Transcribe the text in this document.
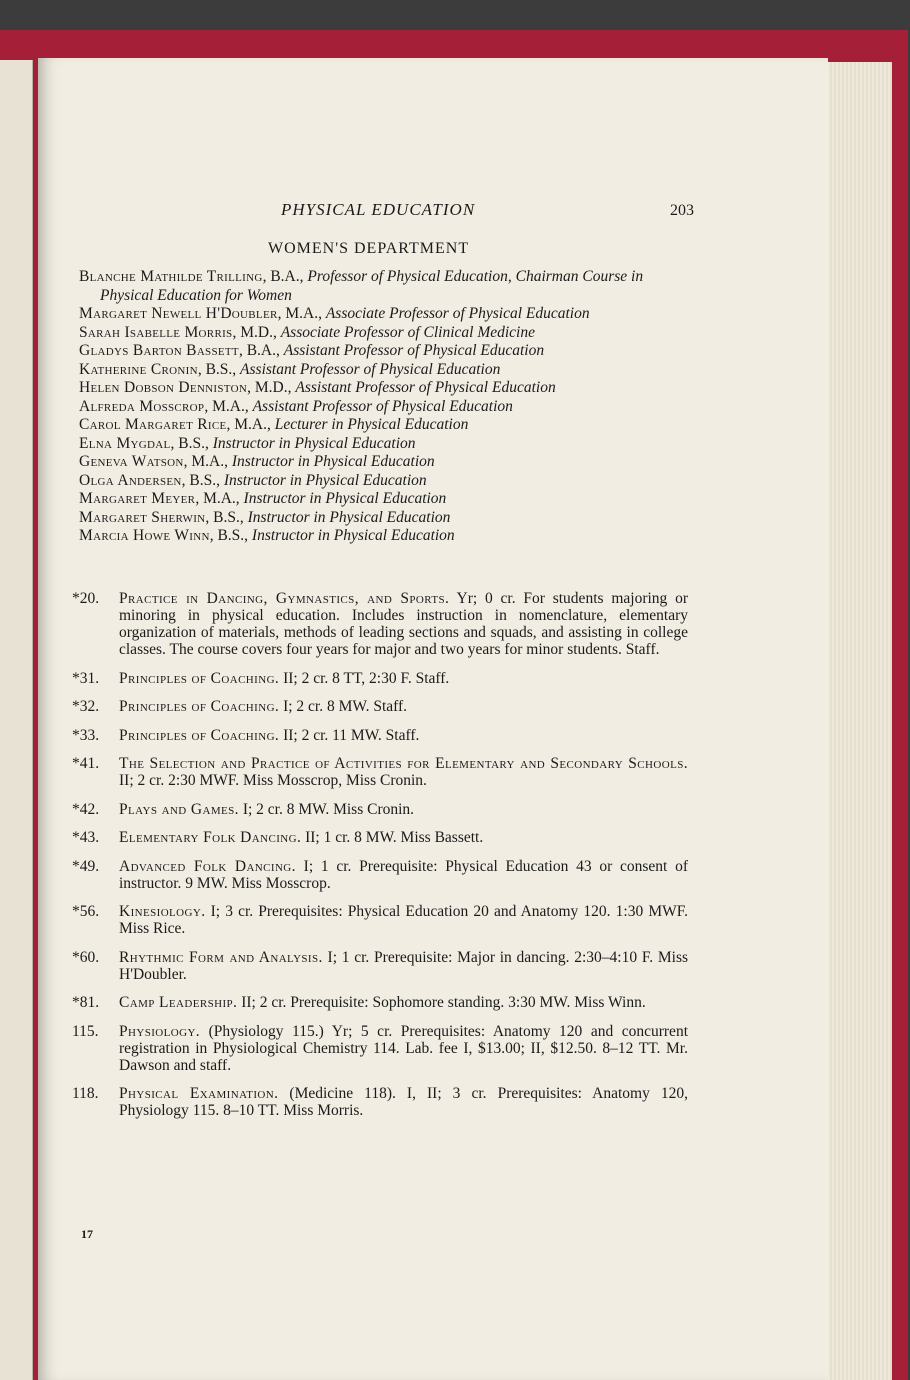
PHYSICAL EDUCATION	203
WOMEN'S DEPARTMENT

Blanche Mathilde Trilling, B.A., Professor of Physical Education, Chairman Course in Physical Education for Women

Margaret Newell H'Doubler, M.A., Associate Professor of Physical Education

Sarah Isabelle Morris, M.D., Associate Professor of Clinical Medicine

Gladys Barton Bassett, B.A., Assistant Professor of Physical Education

Katherine Cronin, B.S., Assistant Professor of Physical Education

Helen Dobson Denniston, M.D., Assistant Professor of Physical Education

Alfreda Mosscrop, M.A., Assistant Professor of Physical Education

Carol Margaret Rice, M.A., Lecturer in Physical Education

Elna Mygdal, B.S., Instructor in Physical Education

Geneva Watson, M.A., Instructor in Physical Education

Olga Andersen, B.S., Instructor in Physical Education

Margaret Meyer, M.A., Instructor in Physical Education

Margaret Sherwin, B.S., Instructor in Physical Education

Marcia Howe Winn, B.S., Instructor in Physical Education

*20.	Practice in Dancing, Gymnastics, and Sports. Yr; 0 cr. For students majoring or minoring in physical education. Includes instruction in nomenclature, elementary organization of materials, methods of leading sections and squads, and assisting in college classes. The course covers four years for major and two years for minor students. Staff.
*31.	Principles of Coaching. II; 2 cr. 8 TT, 2:30 F. Staff.
*32.	Principles of Coaching. I; 2 cr. 8 MW. Staff.
*33.	Principles of Coaching. II; 2 cr. 11 MW. Staff.
*41.	The Selection and Practice of Activities for Elementary and Secondary Schools. II; 2 cr. 2:30 MWF. Miss Mosscrop, Miss Cronin.
*42.	Plays and Games. I; 2 cr. 8 MW. Miss Cronin.
*43.	Elementary Folk Dancing. II; 1 cr. 8 MW. Miss Bassett.
*49.	Advanced Folk Dancing. I; 1 cr. Prerequisite: Physical Education 43 or consent of instructor. 9 MW. Miss Mosscrop.
*56.	Kinesiology. I; 3 cr. Prerequisites: Physical Education 20 and Anatomy 120. 1:30 MWF. Miss Rice.
*60.	Rhythmic Form and Analysis. I; 1 cr. Prerequisite: Major in dancing. 2:30–4:10 F. Miss H'Doubler.
*81.	Camp Leadership. II; 2 cr. Prerequisite: Sophomore standing. 3:30 MW. Miss Winn.
115.	Physiology. (Physiology 115.) Yr; 5 cr. Prerequisites: Anatomy 120 and concurrent registration in Physiological Chemistry 114. Lab. fee I, $13.00; II, $12.50. 8–12 TT. Mr. Dawson and staff.
118.	Physical Examination. (Medicine 118). I, II; 3 cr. Prerequisites: Anatomy 120, Physiology 115. 8–10 TT. Miss Morris.
17
